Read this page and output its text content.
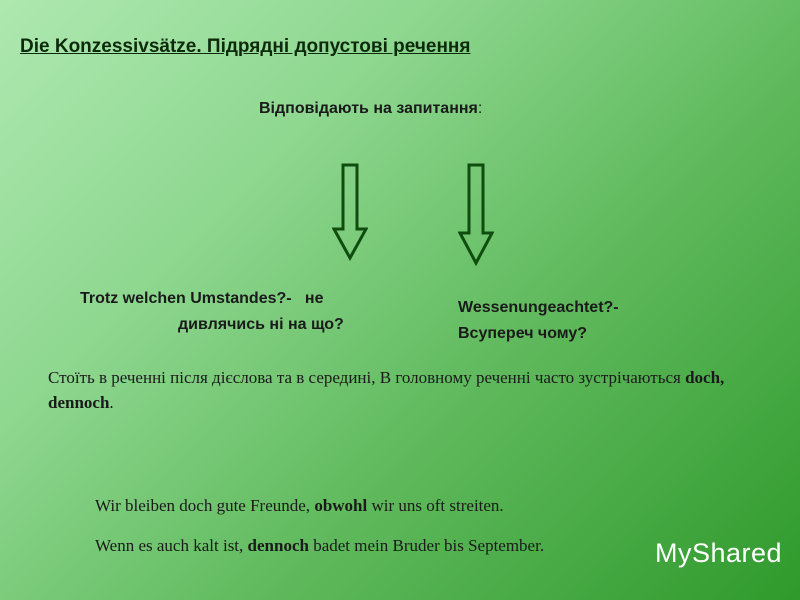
Die Konzessivsätze. Підрядні допустові речення
Відповідають на запитання:
Trotz welchen Umstandes?-   не
дивлячись ні на що?
Wessenungeachtet?-
Всупереч чому?
Стоїть в реченні після дієслова та в середині, В головному реченні часто зустрічаються doch, dennoch.
Wir bleiben doch gute Freunde, obwohl wir uns oft streiten.
Wenn es auch kalt ist, dennoch badet mein Bruder bis September.	MyShared
